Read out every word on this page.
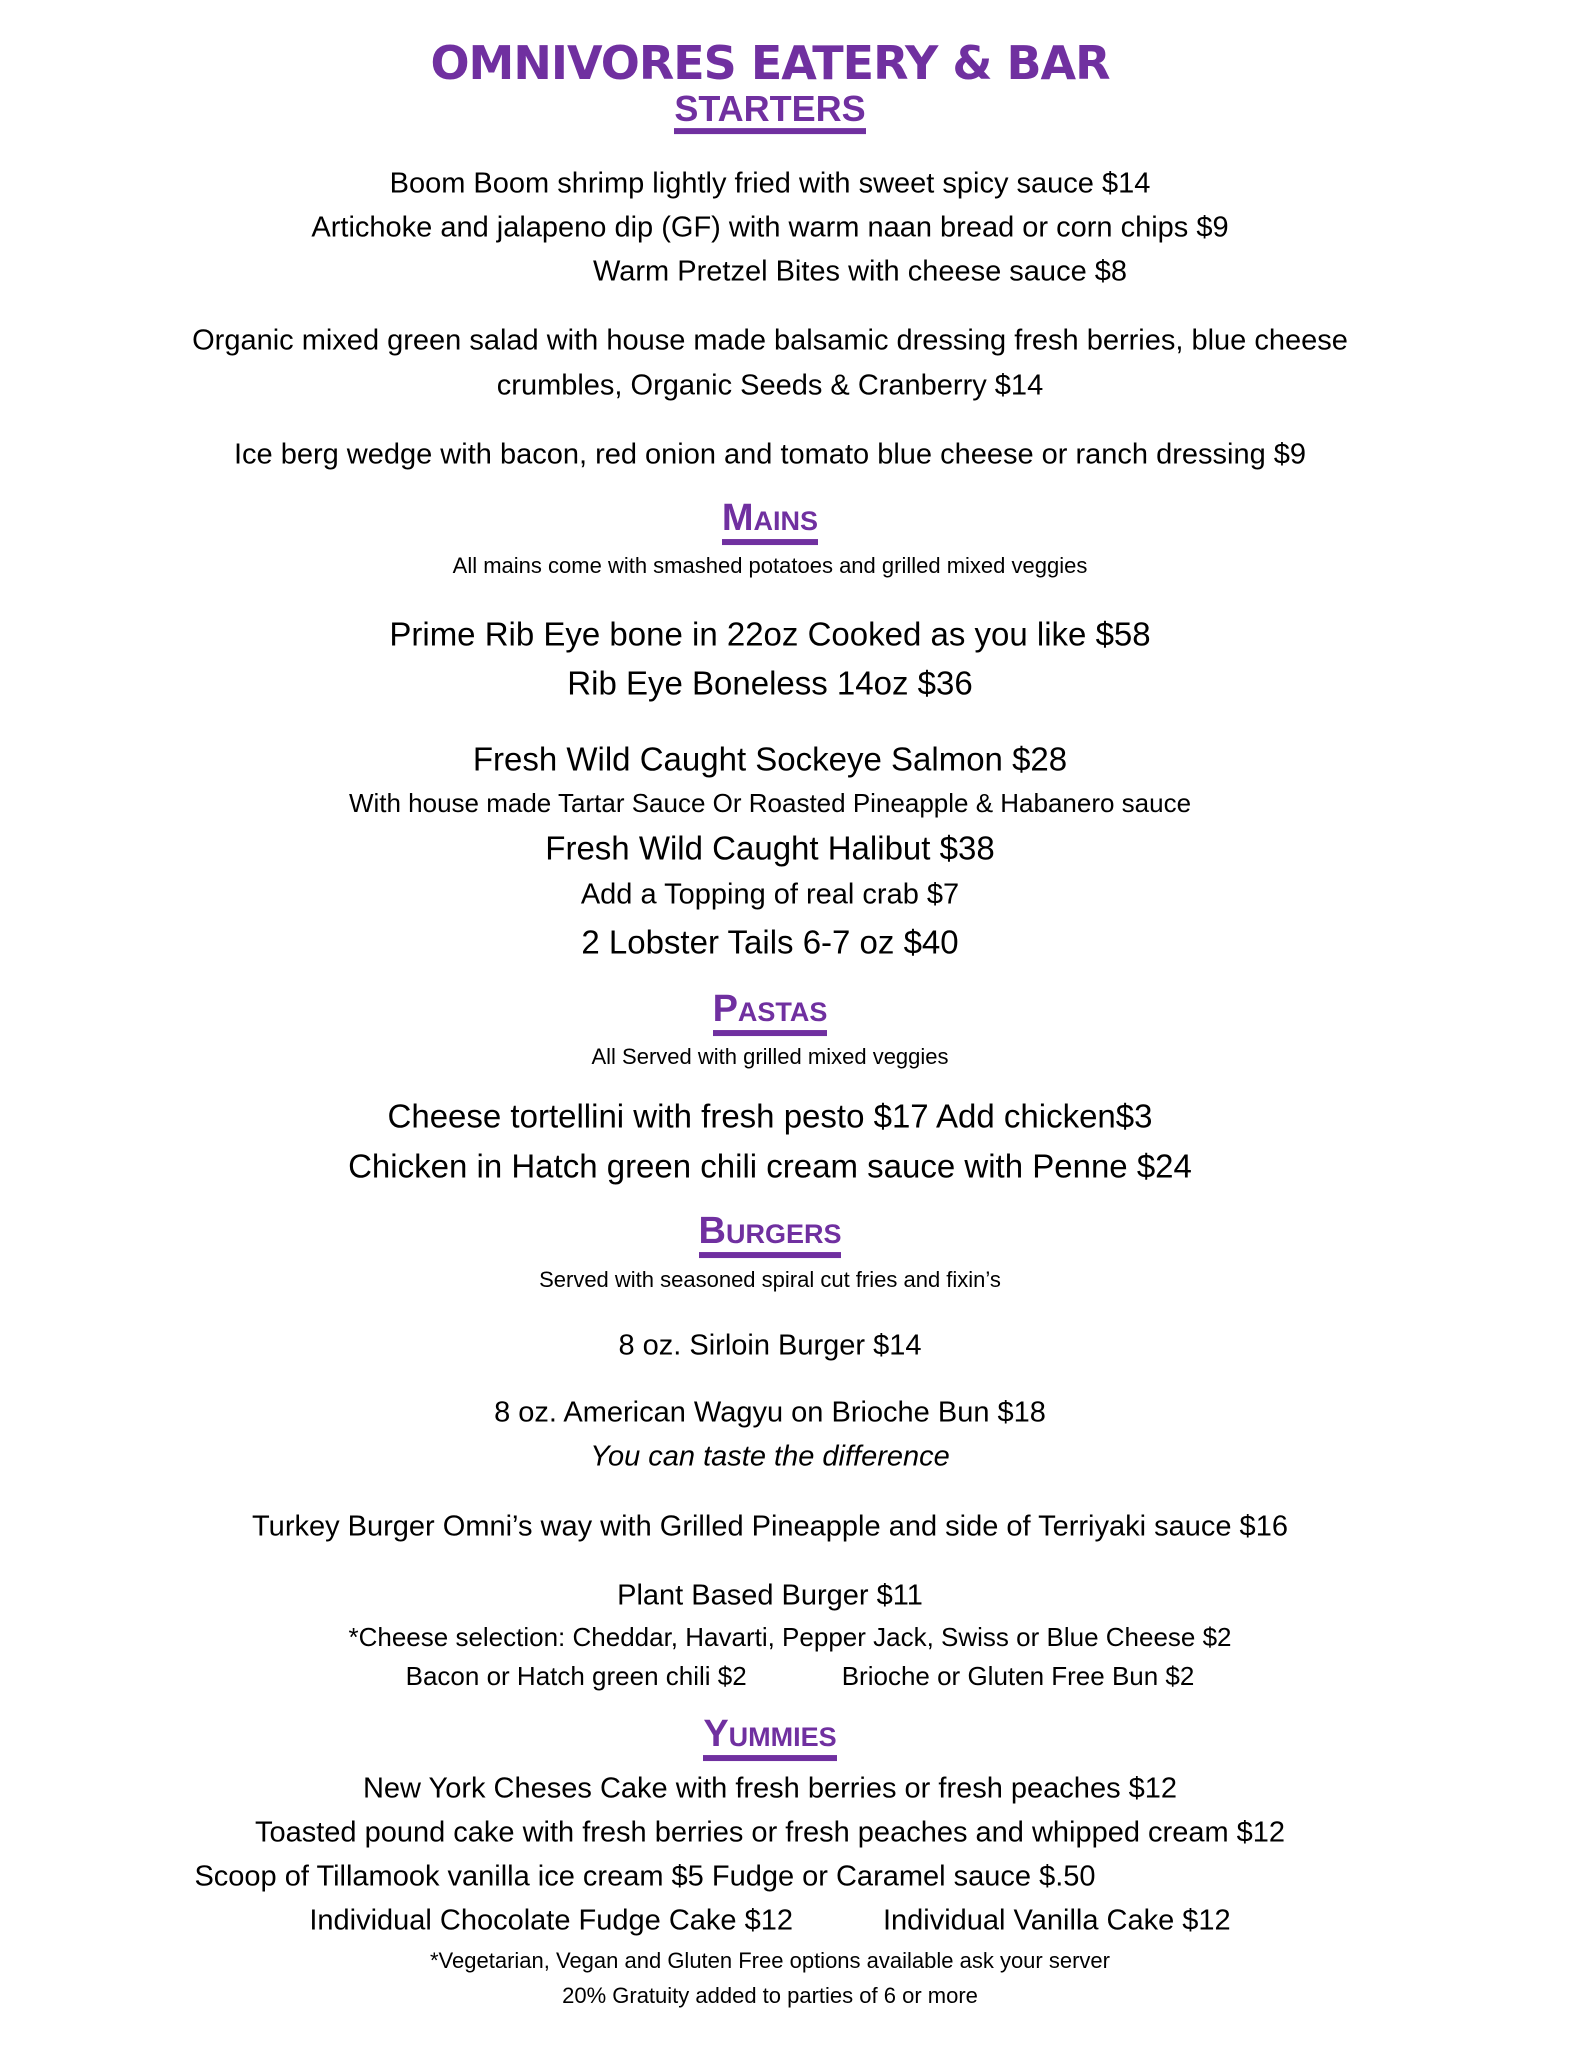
OMNIVORES EATERY & BAR
STARTERS
Boom Boom shrimp lightly fried with sweet spicy sauce $14
Artichoke and jalapeno dip (GF) with warm naan bread or corn chips $9
Warm Pretzel Bites with cheese sauce $8
Organic mixed green salad with house made balsamic dressing fresh berries, blue cheese
crumbles, Organic Seeds & Cranberry $14
Ice berg wedge with bacon, red onion and tomato blue cheese or ranch dressing $9
Mains
All mains come with smashed potatoes and grilled mixed veggies
Prime Rib Eye bone in 22oz Cooked as you like $58
Rib Eye Boneless 14oz $36
Fresh Wild Caught Sockeye Salmon $28
With house made Tartar Sauce Or Roasted Pineapple & Habanero sauce
Fresh Wild Caught Halibut $38
Add a Topping of real crab $7
2 Lobster Tails 6-7 oz $40
Pastas
All Served with grilled mixed veggies
Cheese tortellini with fresh pesto $17 Add chicken$3
Chicken in Hatch green chili cream sauce with Penne $24
Burgers
Served with seasoned spiral cut fries and fixin’s
8 oz. Sirloin Burger $14
8 oz. American Wagyu on Brioche Bun $18
You can taste the difference
Turkey Burger Omni’s way with Grilled Pineapple and side of Terriyaki sauce $16
Plant Based Burger $11
*Cheese selection: Cheddar, Havarti, Pepper Jack, Swiss or Blue Cheese $2
Bacon or Hatch green chili $2	Brioche or Gluten Free Bun $2
Yummies
New York Cheses Cake with fresh berries or fresh peaches $12
Toasted pound cake with fresh berries or fresh peaches and whipped cream $12
Scoop of Tillamook vanilla ice cream $5 Fudge or Caramel sauce $.50
Individual Chocolate Fudge Cake $12	Individual Vanilla Cake $12
*Vegetarian, Vegan and Gluten Free options available ask your server
20% Gratuity added to parties of 6 or more
